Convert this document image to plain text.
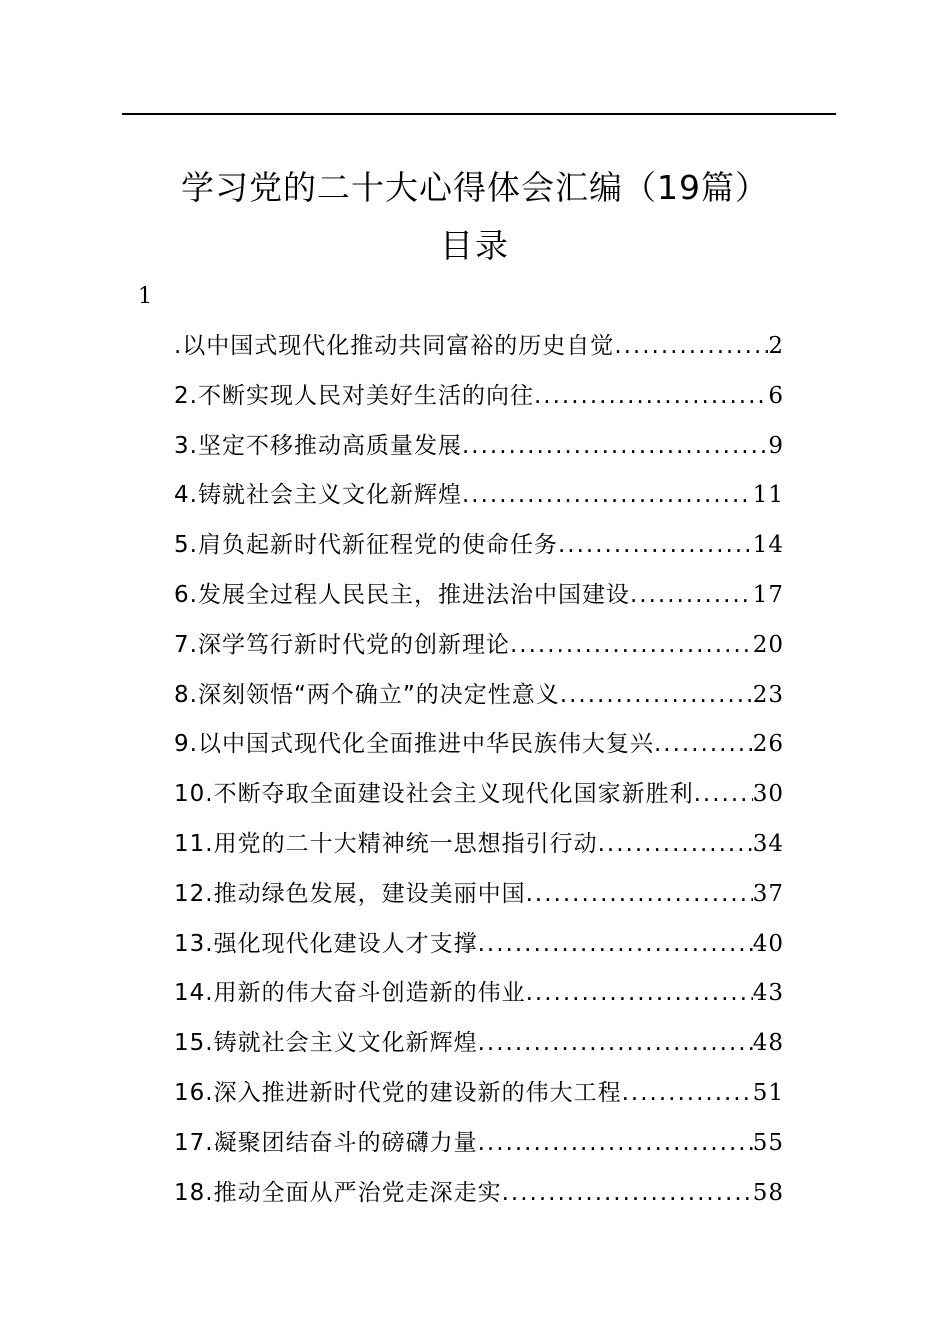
学习党的二十大心得体会汇编（19篇）
目录
1
.以中国式现代化推动共同富裕的历史自觉 .....	2
2.不断实现人民对美好生活的向往 .....	6
3.坚定不移推动高质量发展 .....	9
4.铸就社会主义文化新辉煌 .....	11
5.肩负起新时代新征程党的使命任务 .....	14
6.发展全过程人民民主，推进法治中国建设 .....	17
7.深学笃行新时代党的创新理论 .....	20
8.深刻领悟“两个确立”的决定性意义 .....	23
9.以中国式现代化全面推进中华民族伟大复兴 .....	26
10.不断夺取全面建设社会主义现代化国家新胜利 .....	30
11.用党的二十大精神统一思想指引行动 .....	34
12.推动绿色发展，建设美丽中国 .....	37
13.强化现代化建设人才支撑 .....	40
14.用新的伟大奋斗创造新的伟业 .....	43
15.铸就社会主义文化新辉煌 .....	48
16.深入推进新时代党的建设新的伟大工程 .....	51
17.凝聚团结奋斗的磅礴力量 .....	55
18.推动全面从严治党走深走实 .....	58
